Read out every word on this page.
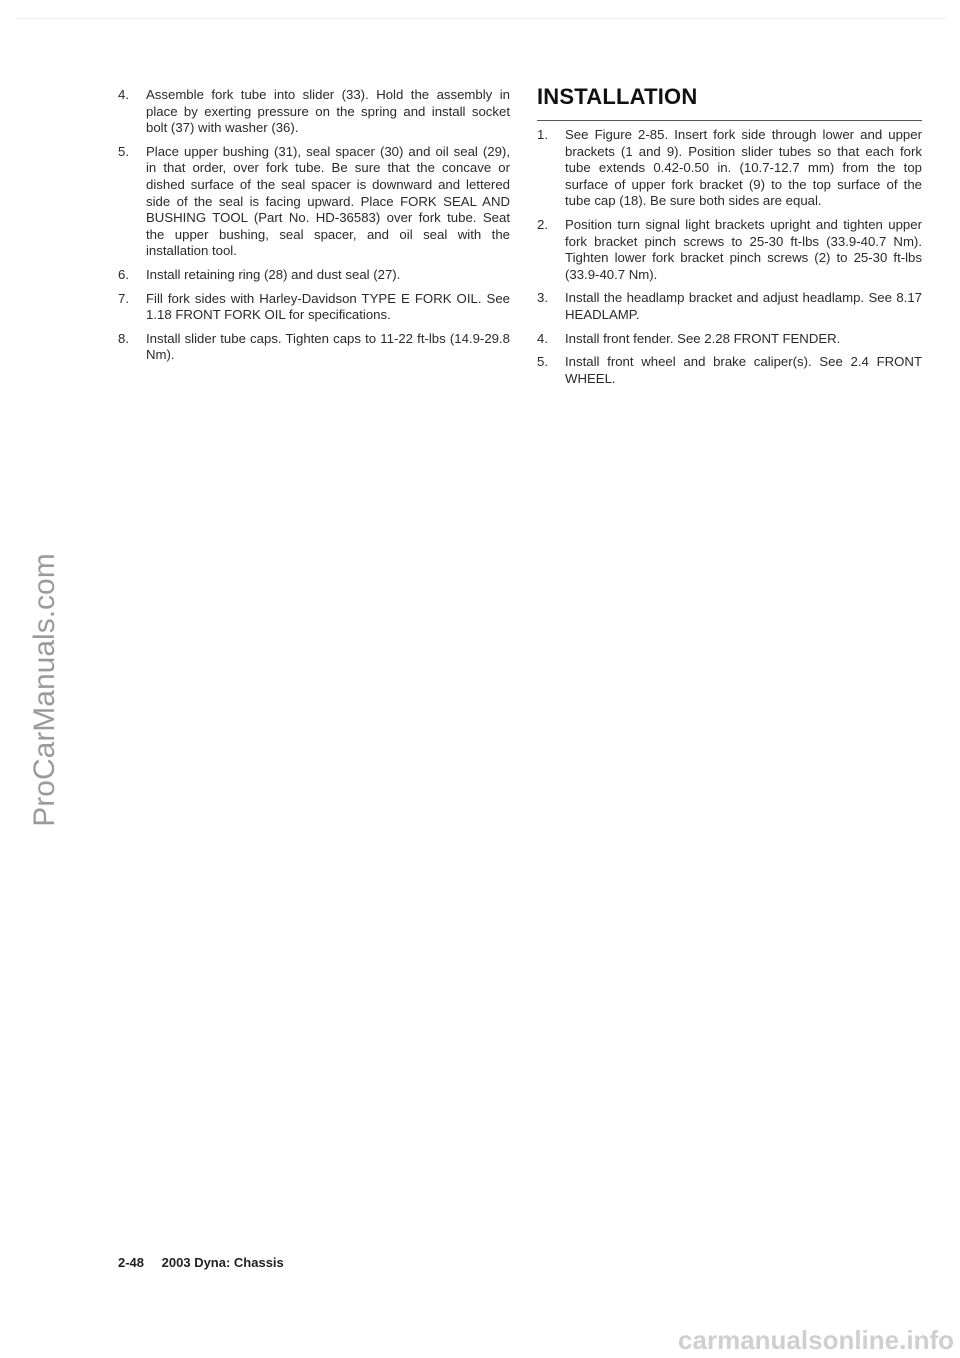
4.	Assemble fork tube into slider (33). Hold the assembly in place by exerting pressure on the spring and install socket bolt (37) with washer (36).
5.	Place upper bushing (31), seal spacer (30) and oil seal (29), in that order, over fork tube. Be sure that the concave or dished surface of the seal spacer is downward and lettered side of the seal is facing upward. Place FORK SEAL AND BUSHING TOOL (Part No. HD-36583) over fork tube. Seat the upper bushing, seal spacer, and oil seal with the installation tool.
6.	Install retaining ring (28) and dust seal (27).
7.	Fill fork sides with Harley-Davidson TYPE E FORK OIL. See 1.18 FRONT FORK OIL for specifications.
8.	Install slider tube caps. Tighten caps to 11-22 ft-lbs (14.9-29.8 Nm).
INSTALLATION
1.	See Figure 2-85. Insert fork side through lower and upper brackets (1 and 9). Position slider tubes so that each fork tube extends 0.42-0.50 in. (10.7-12.7 mm) from the top surface of upper fork bracket (9) to the top surface of the tube cap (18). Be sure both sides are equal.
2.	Position turn signal light brackets upright and tighten upper fork bracket pinch screws to 25-30 ft-lbs (33.9-40.7 Nm). Tighten lower fork bracket pinch screws (2) to 25-30 ft-lbs (33.9-40.7 Nm).
3.	Install the headlamp bracket and adjust headlamp. See 8.17 HEADLAMP.
4.	Install front fender. See 2.28 FRONT FENDER.
5.	Install front wheel and brake caliper(s). See 2.4 FRONT WHEEL.
2-48 2003 Dyna: Chassis
ProCarManuals.com
carmanualsonline.info
